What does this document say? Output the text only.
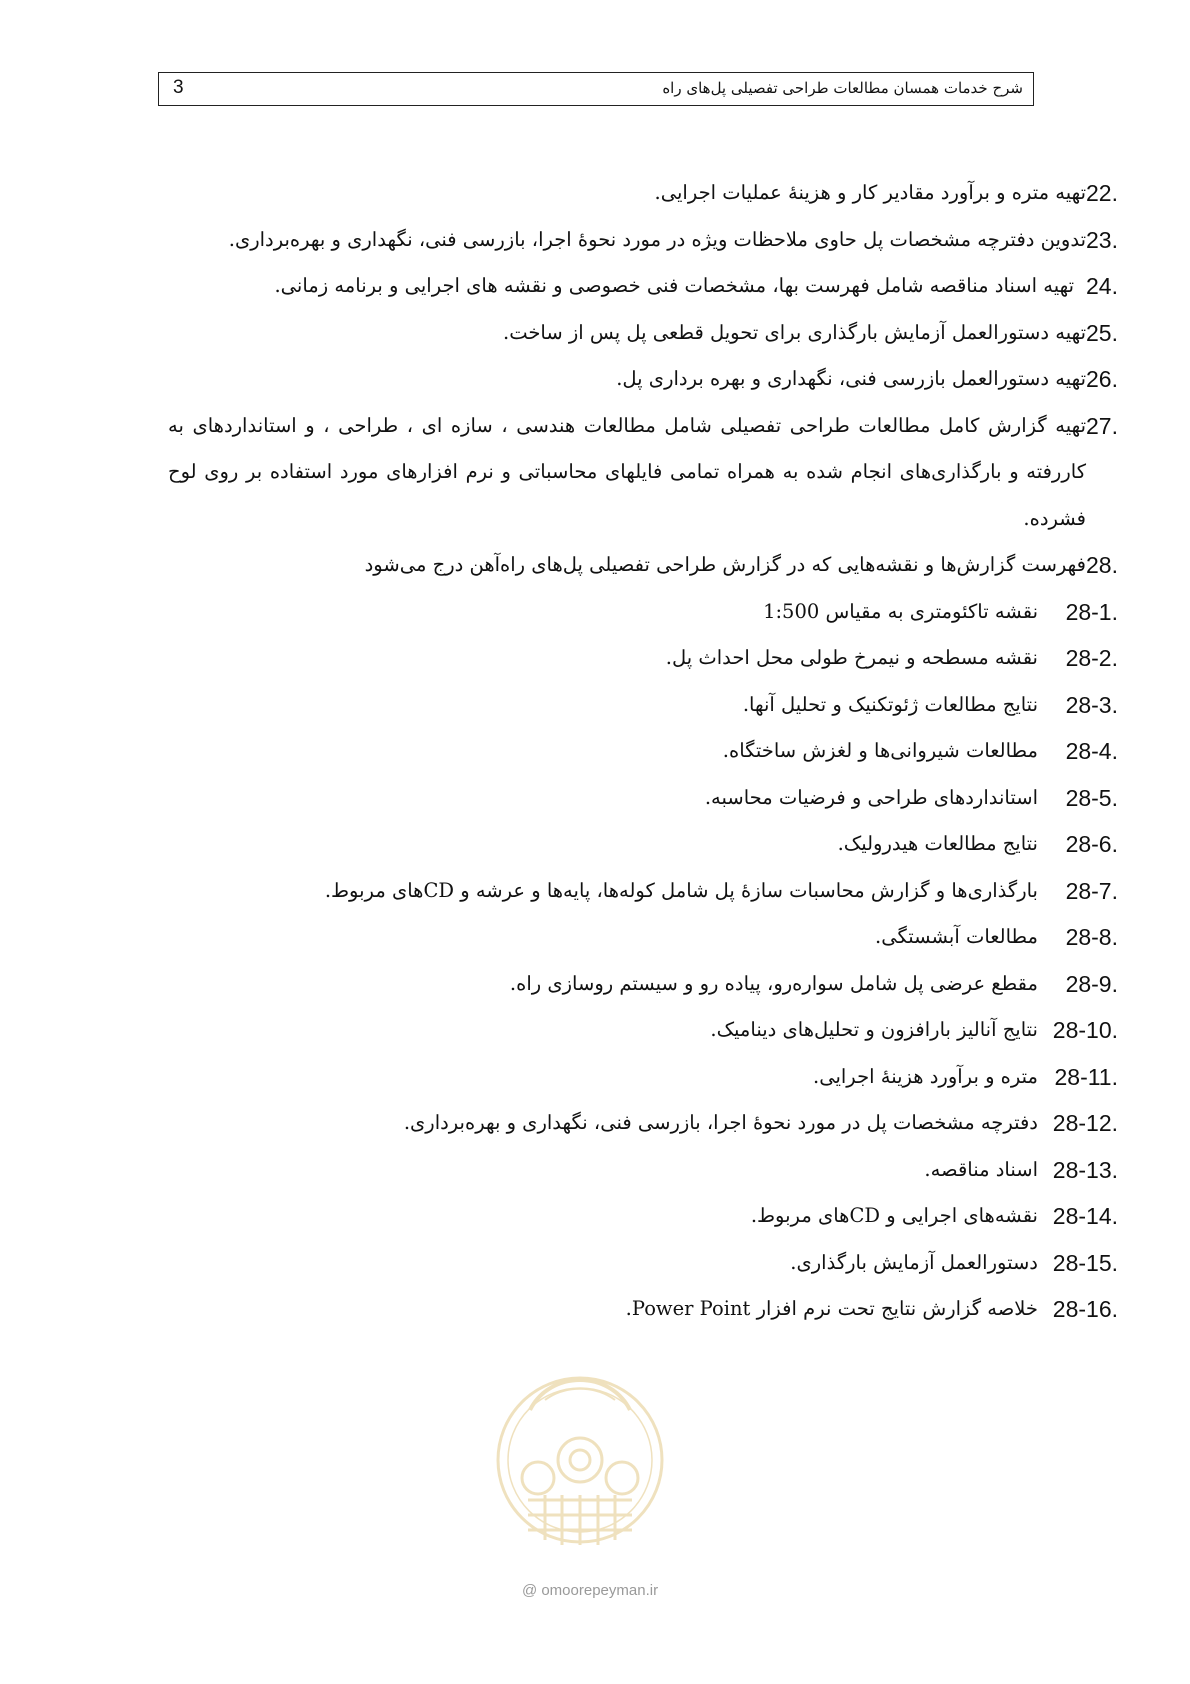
3	شرح خدمات همسان مطالعات طراحی تفصیلی پل‌های راه
22.
تهیه متره و برآورد مقادیر کار و هزینهٔ عملیات اجرایی.
23.
تدوین دفترچه مشخصات پل حاوی ملاحظات ویژه در مورد نحوهٔ اجرا، بازرسی فنی، نگهداری و بهره‌برداری.
24.
تهیه اسناد مناقصه شامل فهرست بها، مشخصات فنی خصوصی و نقشه های اجرایی و برنامه زمانی.
25.
تهیه دستورالعمل آزمایش بارگذاری برای تحویل قطعی پل پس از ساخت.
26.
تهیه دستورالعمل بازرسی فنی، نگهداری و بهره برداری پل.
27.
تهیه گزارش کامل مطالعات طراحی تفصیلی شامل مطالعات هندسی ، سازه ای ، طراحی ، و استانداردهای به کاررفته و بارگذاری‌های انجام شده به همراه تمامی فایلهای محاسباتی و نرم افزارهای مورد استفاده بر روی لوح فشرده.
28.
فهرست گزارش‌ها و نقشه‌هایی که در گزارش طراحی تفصیلی پل‌های راه‌آهن درج می‌شود
28-1.
نقشه تاکئومتری به مقیاس 1:500
28-2.
نقشه مسطحه و نیمرخ طولی محل احداث پل.
28-3.
نتایج مطالعات ژئوتکنیک و تحلیل آنها.
28-4.
مطالعات شیروانی‌ها و لغزش ساختگاه.
28-5.
استانداردهای طراحی و فرضیات محاسبه.
28-6.
نتایج مطالعات هیدرولیک.
28-7.
بارگذاری‌ها و گزارش محاسبات سازهٔ پل شامل کوله‌ها، پایه‌ها و عرشه و CDهای مربوط.
28-8.
مطالعات آبشستگی.
28-9.
مقطع عرضی پل شامل سواره‌رو، پیاده رو و سیستم روسازی راه.
28-10.
نتایج آنالیز بارافزون و تحلیل‌های دینامیک.
28-11.
متره و برآورد هزینهٔ اجرایی.
28-12.
دفترچه مشخصات پل در مورد نحوهٔ اجرا، بازرسی فنی، نگهداری و بهره‌برداری.
28-13.
اسناد مناقصه.
28-14.
نقشه‌های اجرایی و CDهای مربوط.
28-15.
دستورالعمل آزمایش بارگذاری.
28-16.
خلاصه گزارش نتایج تحت نرم افزار Power Point.
@ omoorepeyman.ir
